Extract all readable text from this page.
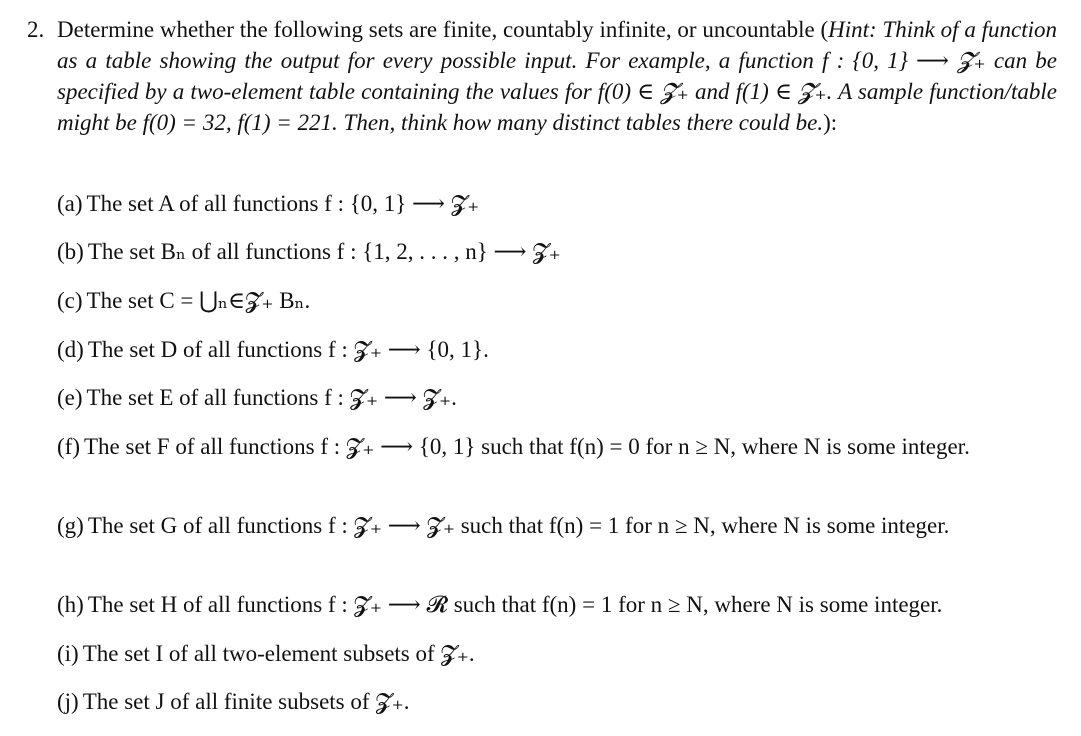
2. Determine whether the following sets are finite, countably infinite, or uncountable (Hint: Think of a function as a table showing the output for every possible input. For example, a function f : {0, 1} ⟶ 𝓩₊ can be specified by a two-element table containing the values for f(0) ∈ 𝓩₊ and f(1) ∈ 𝓩₊. A sample function/table might be f(0) = 32, f(1) = 221. Then, think how many distinct tables there could be.):
(a) The set A of all functions f : {0, 1} ⟶ 𝓩₊
(b) The set Bₙ of all functions f : {1, 2, . . . , n} ⟶ 𝓩₊
(c) The set C = ⋃ₙ∈𝓩₊ Bₙ.
(d) The set D of all functions f : 𝓩₊ ⟶ {0, 1}.
(e) The set E of all functions f : 𝓩₊ ⟶ 𝓩₊.
(f) The set F of all functions f : 𝓩₊ ⟶ {0, 1} such that f(n) = 0 for n ≥ N, where N is some integer.
(g) The set G of all functions f : 𝓩₊ ⟶ 𝓩₊ such that f(n) = 1 for n ≥ N, where N is some integer.
(h) The set H of all functions f : 𝓩₊ ⟶ 𝓡 such that f(n) = 1 for n ≥ N, where N is some integer.
(i) The set I of all two-element subsets of 𝓩₊.
(j) The set J of all finite subsets of 𝓩₊.
